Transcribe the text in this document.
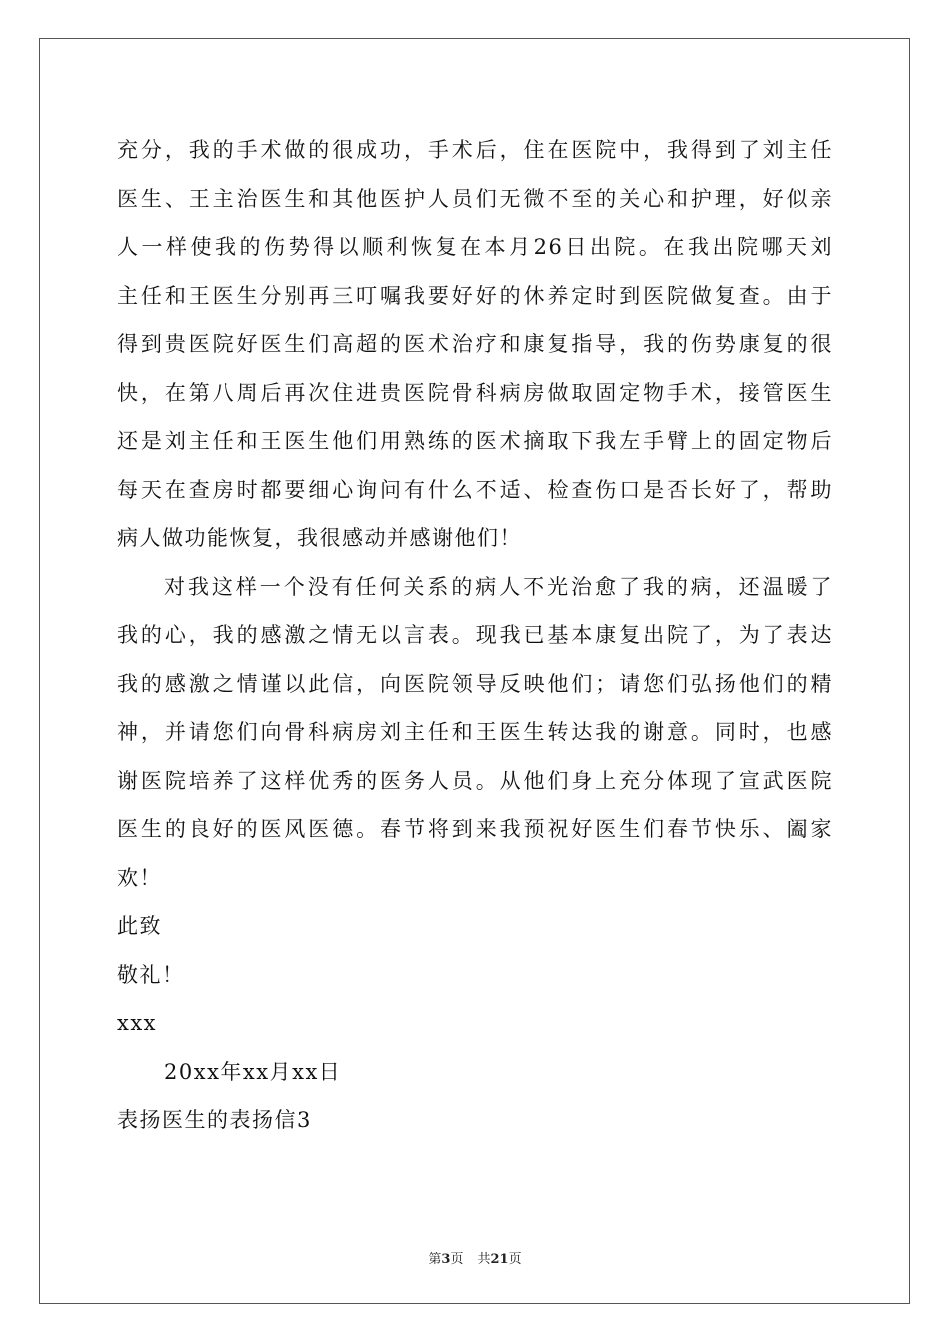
充分，我的手术做的很成功，手术后，住在医院中，我得到了刘主任
医生、王主治医生和其他医护人员们无微不至的关心和护理，好似亲
人一样使我的伤势得以顺利恢复在本月26日出院。在我出院哪天刘
主任和王医生分别再三叮嘱我要好好的休养定时到医院做复查。由于
得到贵医院好医生们高超的医术治疗和康复指导，我的伤势康复的很
快，在第八周后再次住进贵医院骨科病房做取固定物手术，接管医生
还是刘主任和王医生他们用熟练的医术摘取下我左手臂上的固定物后
每天在查房时都要细心询问有什么不适、检查伤口是否长好了，帮助
病人做功能恢复，我很感动并感谢他们！
对我这样一个没有任何关系的病人不光治愈了我的病，还温暖了
我的心，我的感激之情无以言表。现我已基本康复出院了，为了表达
我的感激之情谨以此信，向医院领导反映他们；请您们弘扬他们的精
神，并请您们向骨科病房刘主任和王医生转达我的谢意。同时，也感
谢医院培养了这样优秀的医务人员。从他们身上充分体现了宣武医院
医生的良好的医风医德。春节将到来我预祝好医生们春节快乐、阖家
欢！
此致
敬礼！
xxx
20xx年xx月xx日
表扬医生的表扬信3
第3页 共21页
